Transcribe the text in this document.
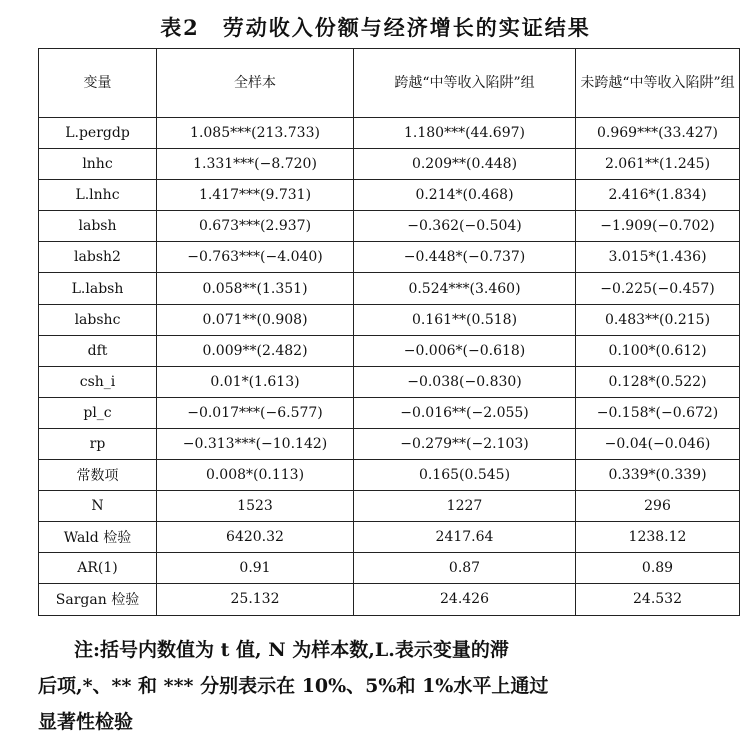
表2　劳动收入份额与经济增长的实证结果
变量	全样本	跨越“中等收入陷阱”组	未跨越“中等收入陷阱”组
L.pergdp	1.085***(213.733)	1.180***(44.697)	0.969***(33.427)
lnhc	1.331***(−8.720)	0.209**(0.448)	2.061**(1.245)
L.lnhc	1.417***(9.731)	0.214*(0.468)	2.416*(1.834)
labsh	0.673***(2.937)	−0.362(−0.504)	−1.909(−0.702)
labsh2	−0.763***(−4.040)	−0.448*(−0.737)	3.015*(1.436)
L.labsh	0.058**(1.351)	0.524***(3.460)	−0.225(−0.457)
labshc	0.071**(0.908)	0.161**(0.518)	0.483**(0.215)
dft	0.009**(2.482)	−0.006*(−0.618)	0.100*(0.612)
csh_i	0.01*(1.613)	−0.038(−0.830)	0.128*(0.522)
pl_c	−0.017***(−6.577)	−0.016**(−2.055)	−0.158*(−0.672)
rp	−0.313***(−10.142)	−0.279**(−2.103)	−0.04(−0.046)
常数项	0.008*(0.113)	0.165(0.545)	0.339*(0.339)
N	1523	1227	296
Wald 检验	6420.32	2417.64	1238.12
AR(1)	0.91	0.87	0.89
Sargan 检验	25.132	24.426	24.532
注:括号内数值为 t 值, N 为样本数,L.表示变量的滞
后项,*、** 和 *** 分别表示在 10%、5%和 1%水平上通过
显著性检验
